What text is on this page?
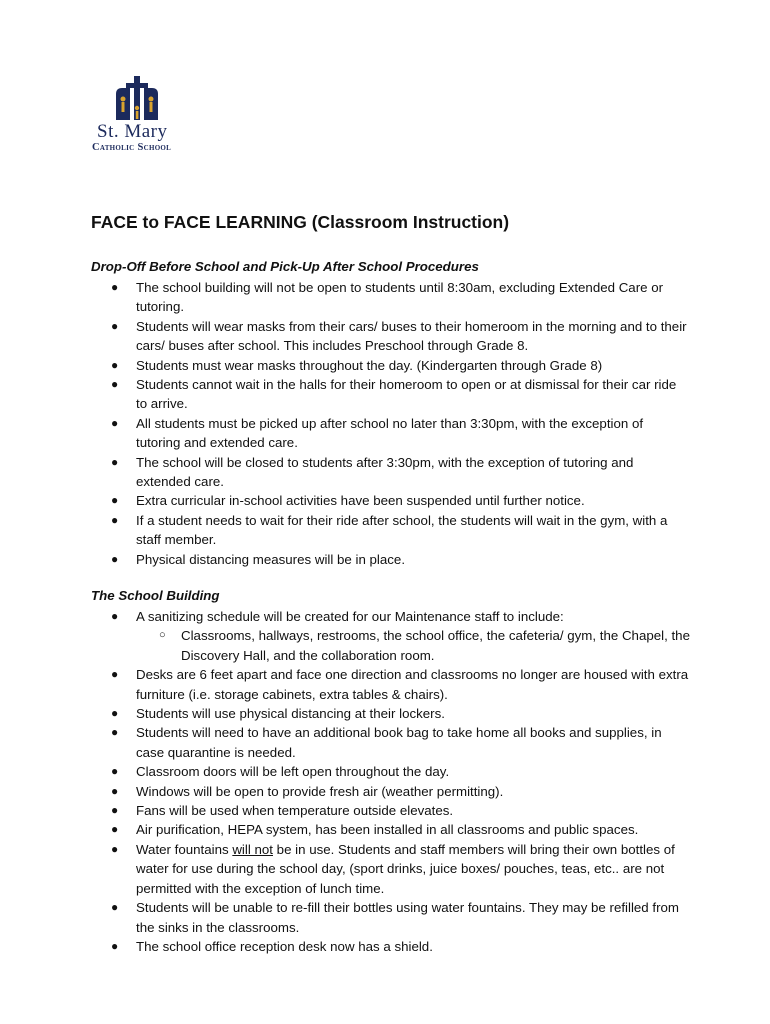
St. Mary
Catholic School
FACE to FACE LEARNING (Classroom Instruction)
Drop-Off Before School and Pick-Up After School Procedures
● The school building will not be open to students until 8:30am, excluding Extended Care or tutoring.
● Students will wear masks from their cars/ buses to their homeroom in the morning and to their cars/ buses after school. This includes Preschool through Grade 8.
● Students must wear masks throughout the day. (Kindergarten through Grade 8)
● Students cannot wait in the halls for their homeroom to open or at dismissal for their car ride to arrive.
● All students must be picked up after school no later than 3:30pm, with the exception of tutoring and extended care.
● The school will be closed to students after 3:30pm, with the exception of tutoring and extended care.
● Extra curricular in-school activities have been suspended until further notice.
● If a student needs to wait for their ride after school, the students will wait in the gym, with a staff member.
● Physical distancing measures will be in place.
The School Building
● A sanitizing schedule will be created for our Maintenance staff to include:
○ Classrooms, hallways, restrooms, the school office, the cafeteria/ gym, the Chapel, the Discovery Hall, and the collaboration room.
● Desks are 6 feet apart and face one direction and classrooms no longer are housed with extra furniture (i.e. storage cabinets, extra tables & chairs).
● Students will use physical distancing at their lockers.
● Students will need to have an additional book bag to take home all books and supplies, in case quarantine is needed.
● Classroom doors will be left open throughout the day.
● Windows will be open to provide fresh air (weather permitting).
● Fans will be used when temperature outside elevates.
● Air purification, HEPA system, has been installed in all classrooms and public spaces.
● Water fountains will not be in use. Students and staff members will bring their own bottles of water for use during the school day, (sport drinks, juice boxes/ pouches, teas, etc.. are not permitted with the exception of lunch time.
● Students will be unable to re-fill their bottles using water fountains. They may be refilled from the sinks in the classrooms.
● The school office reception desk now has a shield.
